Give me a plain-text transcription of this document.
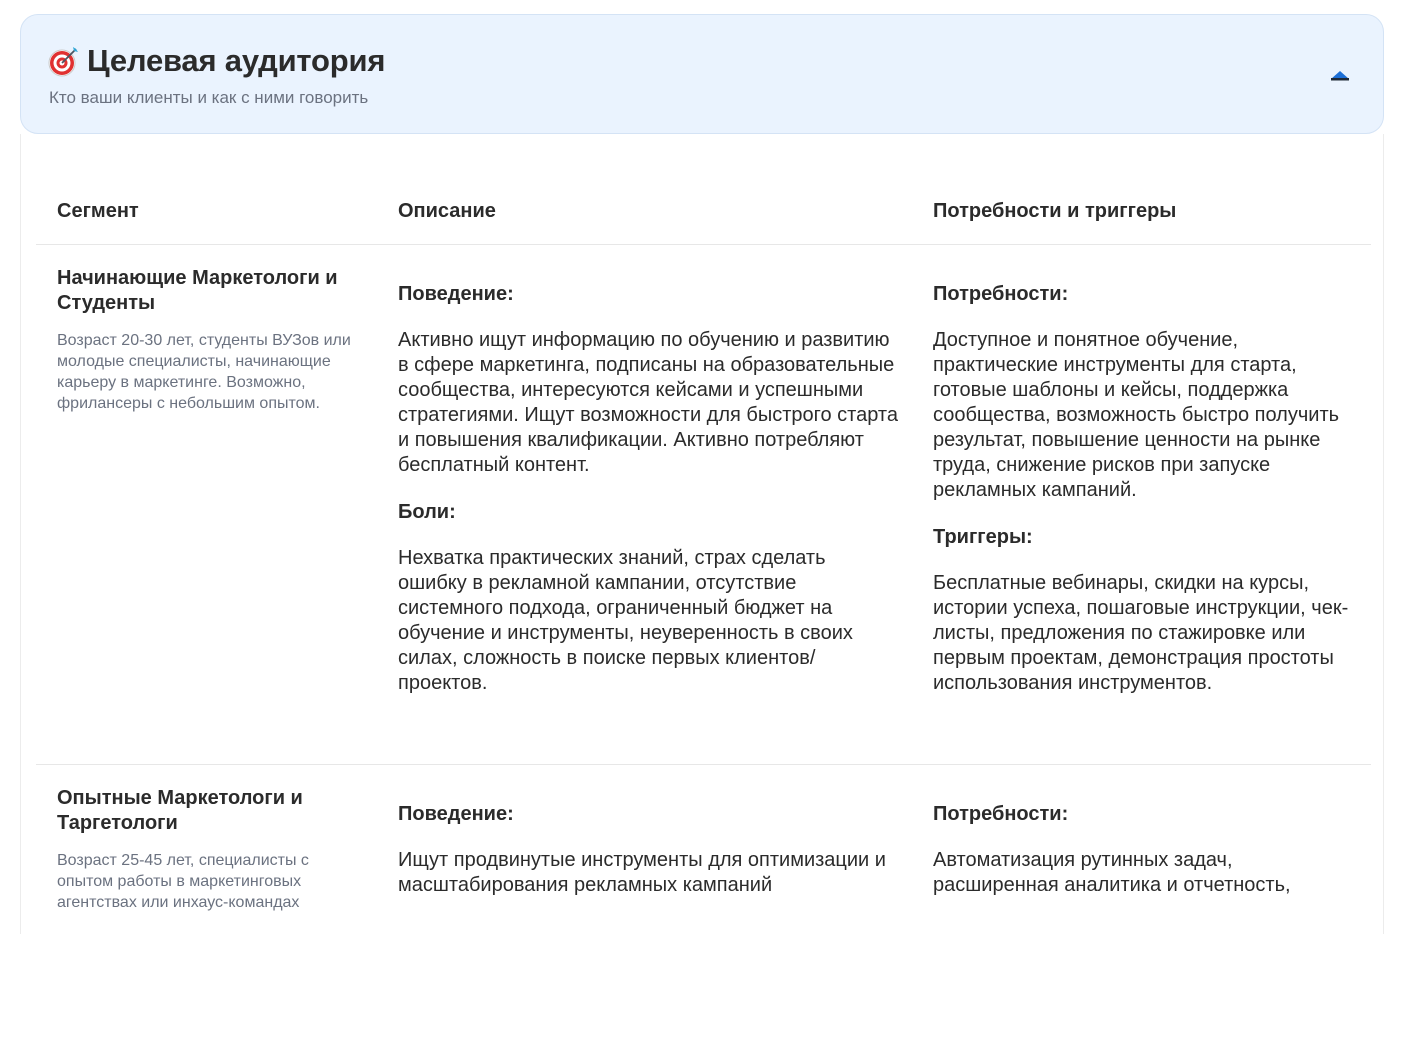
Целевая аудитория
Кто ваши клиенты и как с ними говорить
Сегмент	Описание	Потребности и триггеры

Начинающие Маркетологи и Студенты

Возраст 20-30 лет, студенты ВУЗов или молодые специалисты, начинающие карьеру в маркетинге. Возможно, фрилансеры с небольшим опытом.

Поведение:

Активно ищут информацию по обучению и развитию в сфере маркетинга, подписаны на образовательные сообщества, интересуются кейсами и успешными стратегиями. Ищут возможности для быстрого старта и повышения квалификации. Активно потребляют бесплатный контент.

Боли:

Нехватка практических знаний, страх сделать ошибку в рекламной кампании, отсутствие системного подхода, ограниченный бюджет на обучение и инструменты, неуверенность в своих силах, сложность в поиске первых клиентов/проектов.

Потребности:

Доступное и понятное обучение, практические инструменты для старта, готовые шаблоны и кейсы, поддержка сообщества, возможность быстро получить результат, повышение ценности на рынке труда, снижение рисков при запуске рекламных кампаний.

Триггеры:

Бесплатные вебинары, скидки на курсы, истории успеха, пошаговые инструкции, чек-листы, предложения по стажировке или первым проектам, демонстрация простоты использования инструментов.

Опытные Маркетологи и Таргетологи

Возраст 25-45 лет, специалисты с опытом работы в маркетинговых агентствах или инхаус-командах

Поведение:

Ищут продвинутые инструменты для оптимизации и масштабирования рекламных кампаний

Потребности:

Автоматизация рутинных задач, расширенная аналитика и отчетность,
